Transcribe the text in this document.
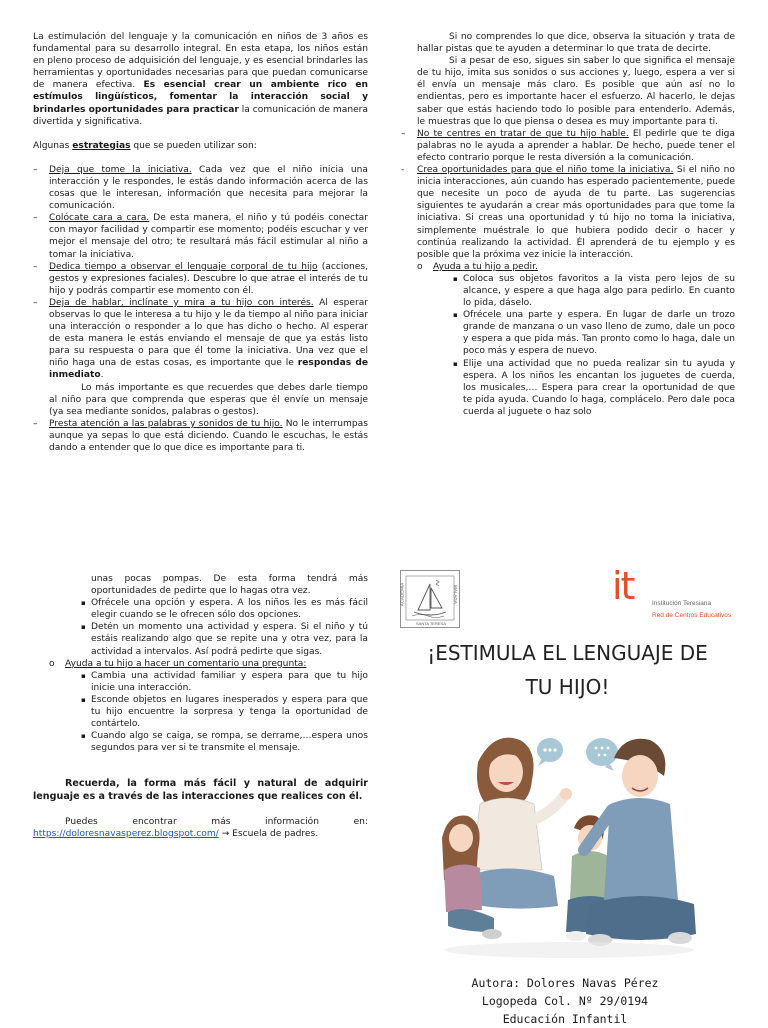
La estimulación del lenguaje y la comunicación en niños de 3 años es fundamental para su desarrollo integral. En esta etapa, los niños están en pleno proceso de adquisición del lenguaje, y es esencial brindarles las herramientas y oportunidades necesarias para que puedan comunicarse de manera efectiva. Es esencial crear un ambiente rico en estímulos lingüísticos, fomentar la interacción social y brindarles oportunidades para practicar la comunicación de manera divertida y significativa.

Algunas estrategias que se pueden utilizar son:

– Deja que tome la iniciativa. Cada vez que el niño inicia una interacción y le respondes, le estás dando información acerca de las cosas que le interesan, información que necesita para mejorar la comunicación.
– Colócate cara a cara. De esta manera, el niño y tú podéis conectar con mayor facilidad y compartir ese momento; podéis escuchar y ver mejor el mensaje del otro; te resultará más fácil estimular al niño a tomar la iniciativa.
– Dedica tiempo a observar el lenguaje corporal de tu hijo (acciones, gestos y expresiones faciales). Descubre lo que atrae el interés de tu hijo y podrás compartir ese momento con él.
– Deja de hablar, inclínate y mira a tu hijo con interés. Al esperar observas lo que le interesa a tu hijo y le da tiempo al niño para iniciar una interacción o responder a lo que has dicho o hecho. Al esperar de esta manera le estás enviando el mensaje de que ya estás listo para su respuesta o para que él tome la iniciativa. Una vez que el niño haga una de estas cosas, es importante que le respondas de inmediato.

Lo más importante es que recuerdes que debes darle tiempo al niño para que comprenda que esperas que él envíe un mensaje (ya sea mediante sonidos, palabras o gestos).

– Presta atención a las palabras y sonidos de tu hijo. No le interrumpas aunque ya sepas lo que está diciendo. Cuando le escuchas, le estás dando a entender que lo que dice es importante para ti.

Si no comprendes lo que dice, observa la situación y trata de hallar pistas que te ayuden a determinar lo que trata de decirte.

Si a pesar de eso, sigues sin saber lo que significa el mensaje de tu hijo, imita sus sonidos o sus acciones y, luego, espera a ver si él envía un mensaje más claro. Es posible que aún así no lo endientas, pero es importante hacer el esfuerzo. Al hacerlo, le dejas saber que estás haciendo todo lo posible para entenderlo. Además, le muestras que lo que piensa o desea es muy importante para ti.

– No te centres en tratar de que tu hijo hable. El pedirle que te diga palabras no le ayuda a aprender a hablar. De hecho, puede tener el efecto contrario porque le resta diversión a la comunicación.
- Crea oportunidades para que el niño tome la iniciativa. Si el niño no inicia interacciones, aún cuando has esperado pacientemente, puede que necesite un poco de ayuda de tu parte. Las sugerencias siguientes te ayudarán a crear más oportunidades para que tome la iniciativa. Si creas una oportunidad y tú hijo no toma la iniciativa, simplemente muéstrale lo que hubiera podido decir o hacer y continúa realizando la actividad. Él aprenderá de tu ejemplo y es posible que la próxima vez inicie la interacción.
o Ayuda a tu hijo a pedir.
▪ Coloca sus objetos favoritos a la vista pero lejos de su alcance, y espere a que haga algo para pedirlo. En cuanto lo pida, dáselo.
▪ Ofrécele una parte y espera. En lugar de darle un trozo grande de manzana o un vaso lleno de zumo, dale un poco y espera a que pida más. Tan pronto como lo haga, dale un poco más y espera de nuevo.
▪ Elije una actividad que no pueda realizar sin tu ayuda y espera. A los niños les encantan los juguetes de cuerda, los musicales,… Espera para crear la oportunidad de que te pida ayuda. Cuando lo haga, complácelo. Pero dale poca cuerda al juguete o haz solo

unas pocas pompas. De esta forma tendrá más oportunidades de pedirte que lo hagas otra vez.

▪ Ofrécele una opción y espera. A los niños les es más fácil elegir cuando se le ofrecen sólo dos opciones.
▪ Detén un momento una actividad y espera. Si el niño y tú estáis realizando algo que se repite una y otra vez, para la actividad a intervalos. Así podrá pedirte que sigas.
o Ayuda a tu hijo a hacer un comentario una pregunta:
▪ Cambia una actividad familiar y espera para que tu hijo inicie una interacción.
▪ Esconde objetos en lugares inesperados y espera para que tu hijo encuentre la sorpresa y tenga la oportunidad de contártelo.
▪ Cuando algo se caiga, se rompa, se derrame,…espera unos segundos para ver si te transmite el mensaje.

Recuerda, la forma más fácil y natural de adquirir lenguaje es a través de las interacciones que realices con él.

Puedes encontrar más información en:

https://doloresnavasperez.blogspot.com/ → Escuela de padres.

ACADEMIA	MÁLAGA
SANTA TERESA
it	Institución Teresiana
Red de Centros Educativos
¡ESTIMULA EL LENGUAJE DE
TU HIJO!
Autora: Dolores Navas Pérez
Logopeda Col. Nº 29/0194
Educación Infantil
